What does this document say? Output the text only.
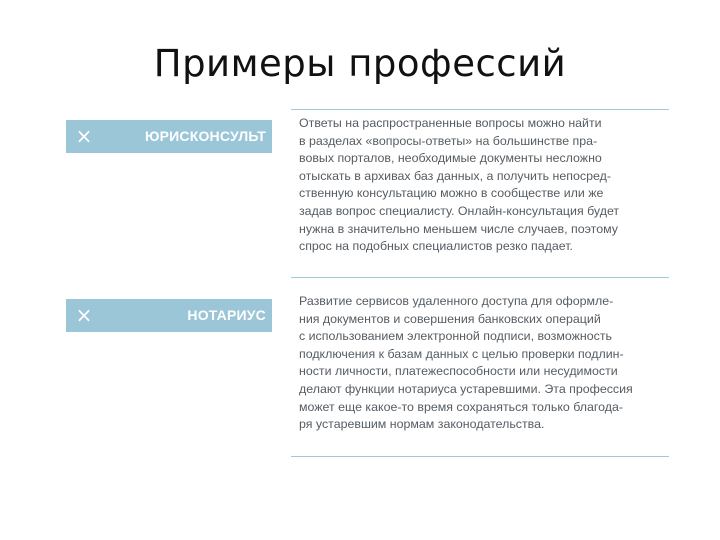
Примеры профессий
×	ЮРИСКОНСУЛЬТ
Ответы на распространенные вопросы можно найти
в разделах «вопросы-ответы» на большинстве пра-
вовых порталов, необходимые документы несложно
отыскать в архивах баз данных, а получить непосред-
ственную консультацию можно в сообществе или же
задав вопрос специалисту. Онлайн-консультация будет
нужна в значительно меньшем числе случаев, поэтому
спрос на подобных специалистов резко падает.
×	НОТАРИУС
Развитие сервисов удаленного доступа для оформле-
ния документов и совершения банковских операций
с использованием электронной подписи, возможность
подключения к базам данных с целью проверки подлин-
ности личности, платежеспособности или несудимости
делают функции нотариуса устаревшими. Эта профессия
может еще какое-то время сохраняться только благода-
ря устаревшим нормам законодательства.
